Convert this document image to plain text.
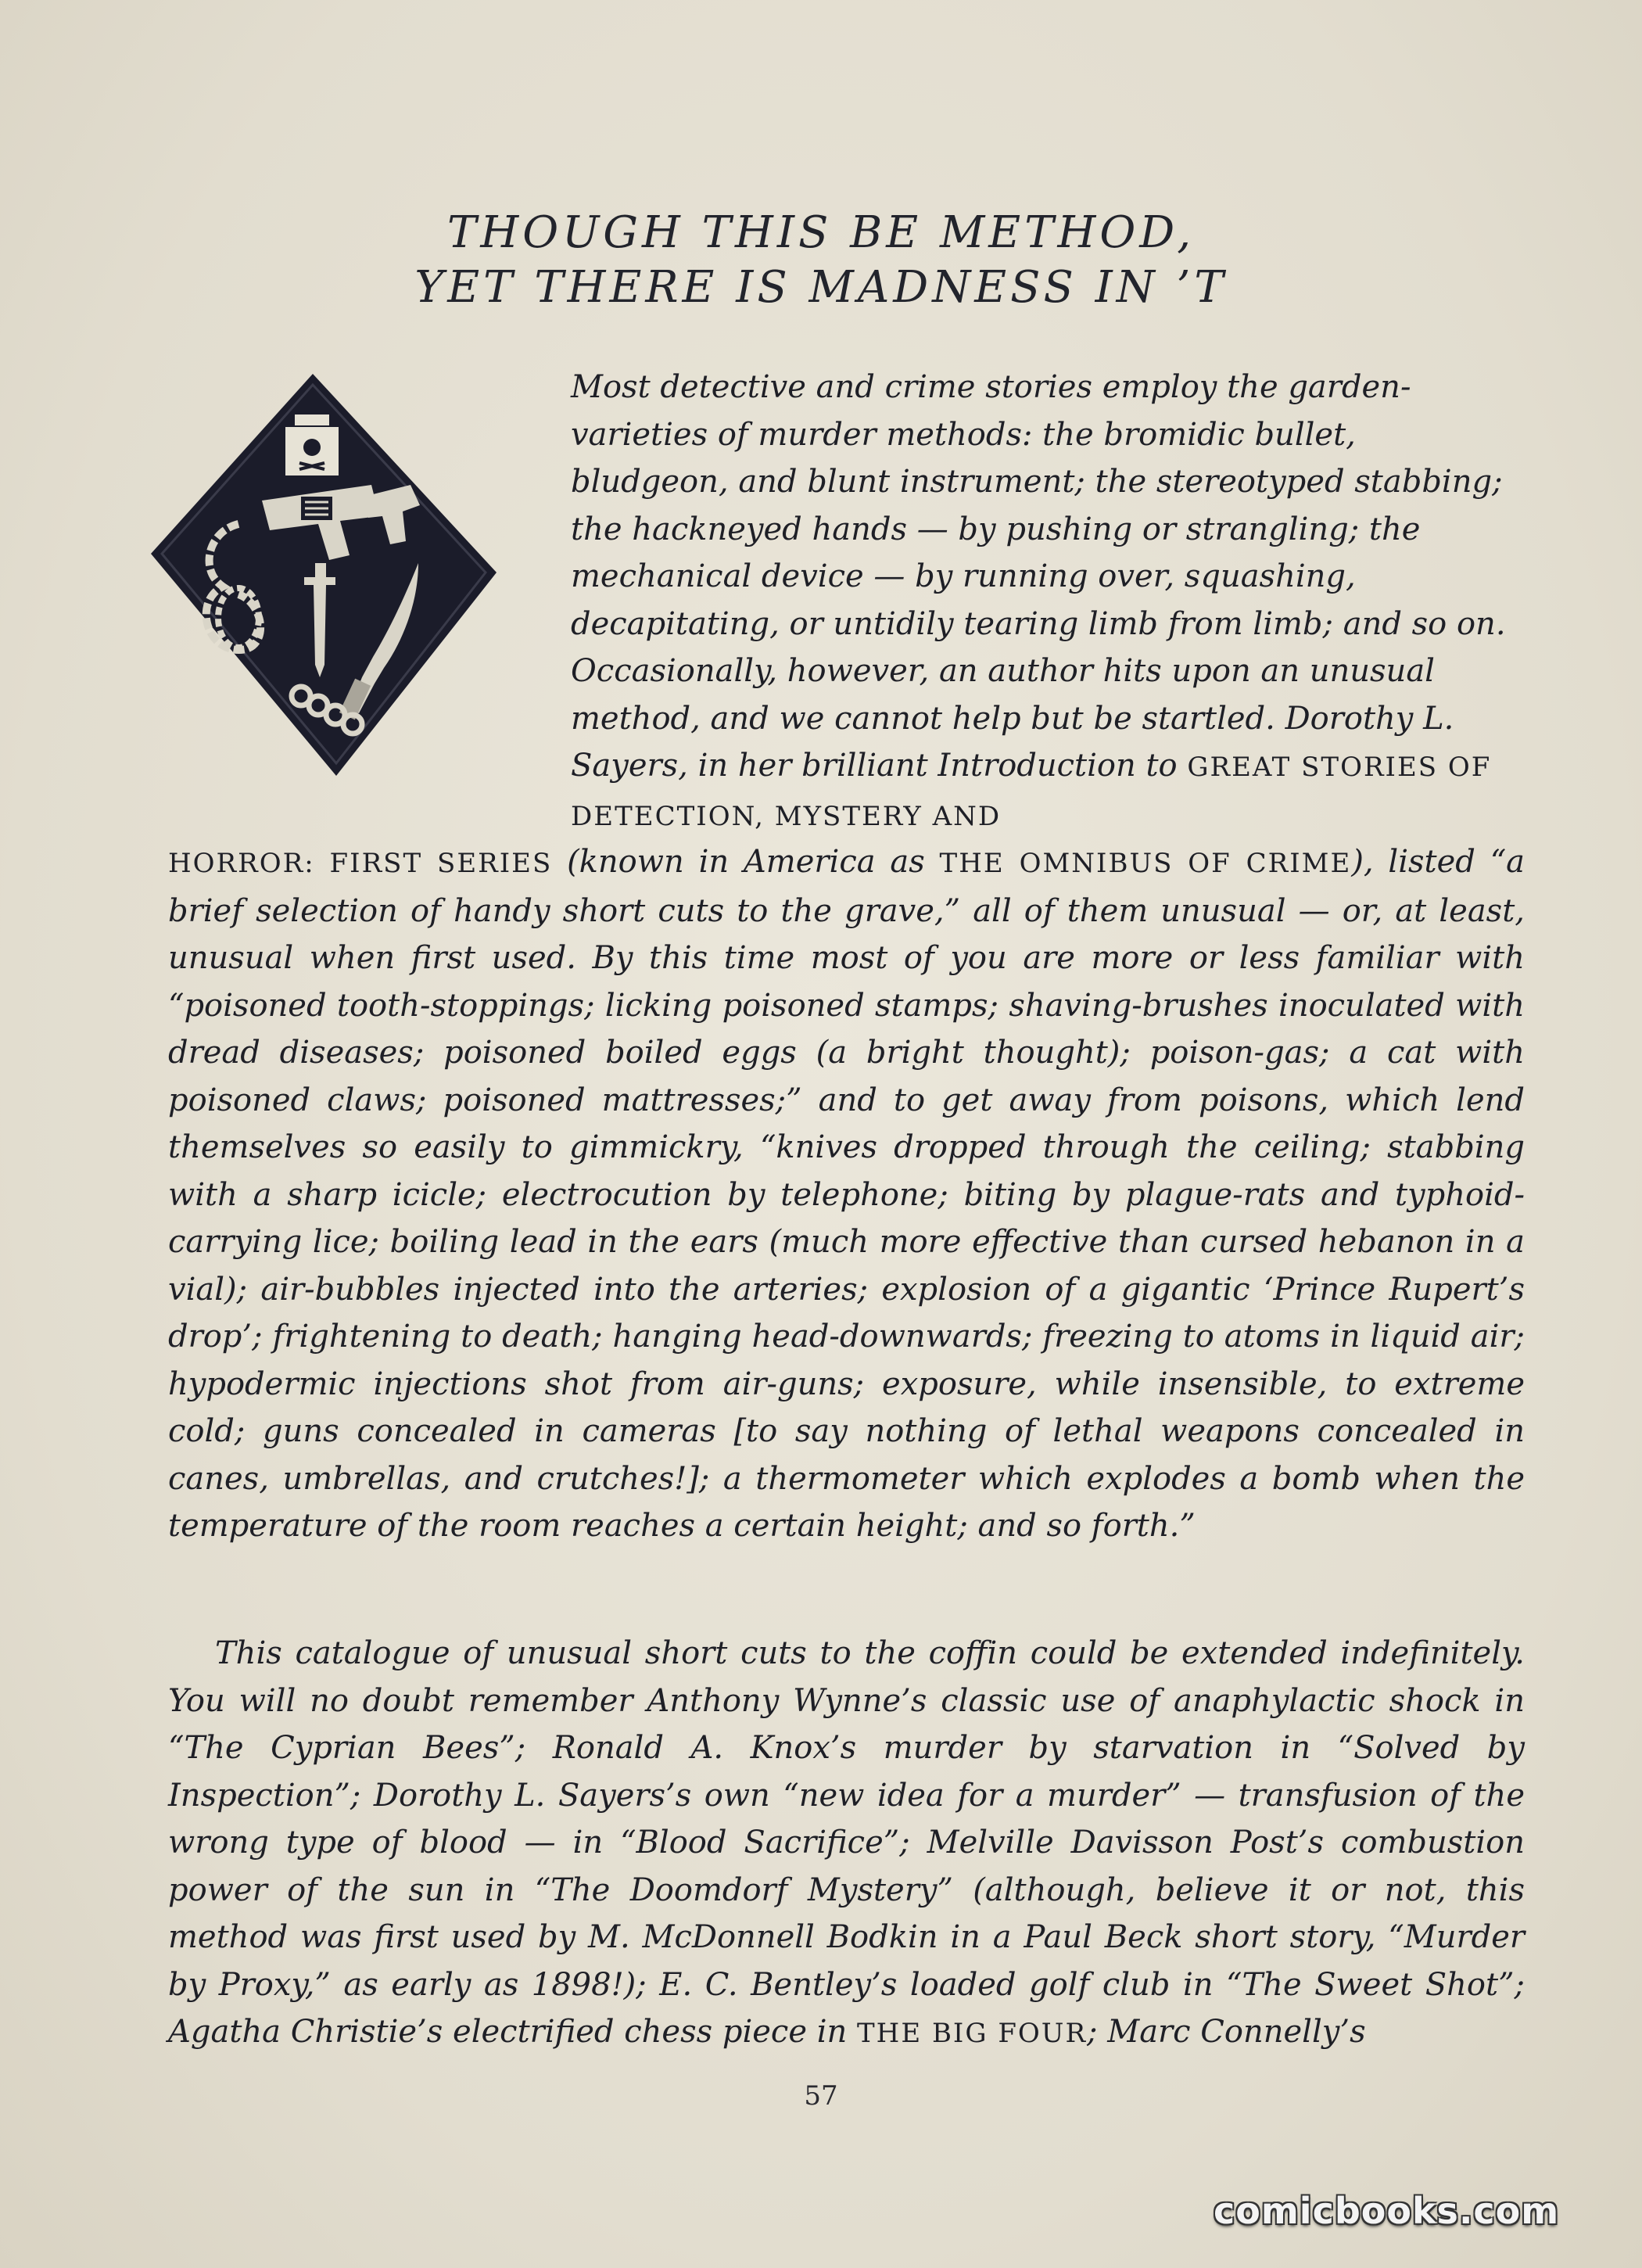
THOUGH THIS BE METHOD,
YET THERE IS MADNESS IN ’T

Most detective and crime stories employ the garden-varieties of murder methods: the bromidic bullet, bludgeon, and blunt instrument; the stereotyped stabbing; the hackneyed hands — by pushing or strangling; the mechanical device — by running over, squashing, decapitating, or untidily tearing limb from limb; and so on. Occasionally, however, an author hits upon an unusual method, and we cannot help but be startled. Dorothy L. Sayers, in her brilliant Introduction to GREAT STORIES OF DETECTION, MYSTERY AND

HORROR: FIRST SERIES (known in America as THE OMNIBUS OF CRIME), listed “a brief selection of handy short cuts to the grave,” all of them unusual — or, at least, unusual when first used. By this time most of you are more or less familiar with “poisoned tooth-stoppings; licking poisoned stamps; shaving-brushes inoculated with dread diseases; poisoned boiled eggs (a bright thought); poison-gas; a cat with poisoned claws; poisoned mattresses;” and to get away from poisons, which lend themselves so easily to gimmickry, “knives dropped through the ceiling; stabbing with a sharp icicle; electrocution by telephone; biting by plague-rats and typhoid-carrying lice; boiling lead in the ears (much more effective than cursed hebanon in a vial); air-bubbles injected into the arteries; explosion of a gigantic ‘Prince Rupert’s drop’; frightening to death; hanging head-downwards; freezing to atoms in liquid air; hypodermic injections shot from air-guns; exposure, while insensible, to extreme cold; guns concealed in cameras [to say nothing of lethal weapons concealed in canes, umbrellas, and crutches!]; a thermometer which explodes a bomb when the temperature of the room reaches a certain height; and so forth.”

This catalogue of unusual short cuts to the coffin could be extended indefinitely. You will no doubt remember Anthony Wynne’s classic use of anaphylactic shock in “The Cyprian Bees”; Ronald A. Knox’s murder by starvation in “Solved by Inspection”; Dorothy L. Sayers’s own “new idea for a murder” — transfusion of the wrong type of blood — in “Blood Sacrifice”; Melville Davisson Post’s combustion power of the sun in “The Doomdorf Mystery” (although, believe it or not, this method was first used by M. McDonnell Bodkin in a Paul Beck short story, “Murder by Proxy,” as early as 1898!); E. C. Bentley’s loaded golf club in “The Sweet Shot”; Agatha Christie’s electrified chess piece in THE BIG FOUR; Marc Connelly’s

57
comicbooks.com
